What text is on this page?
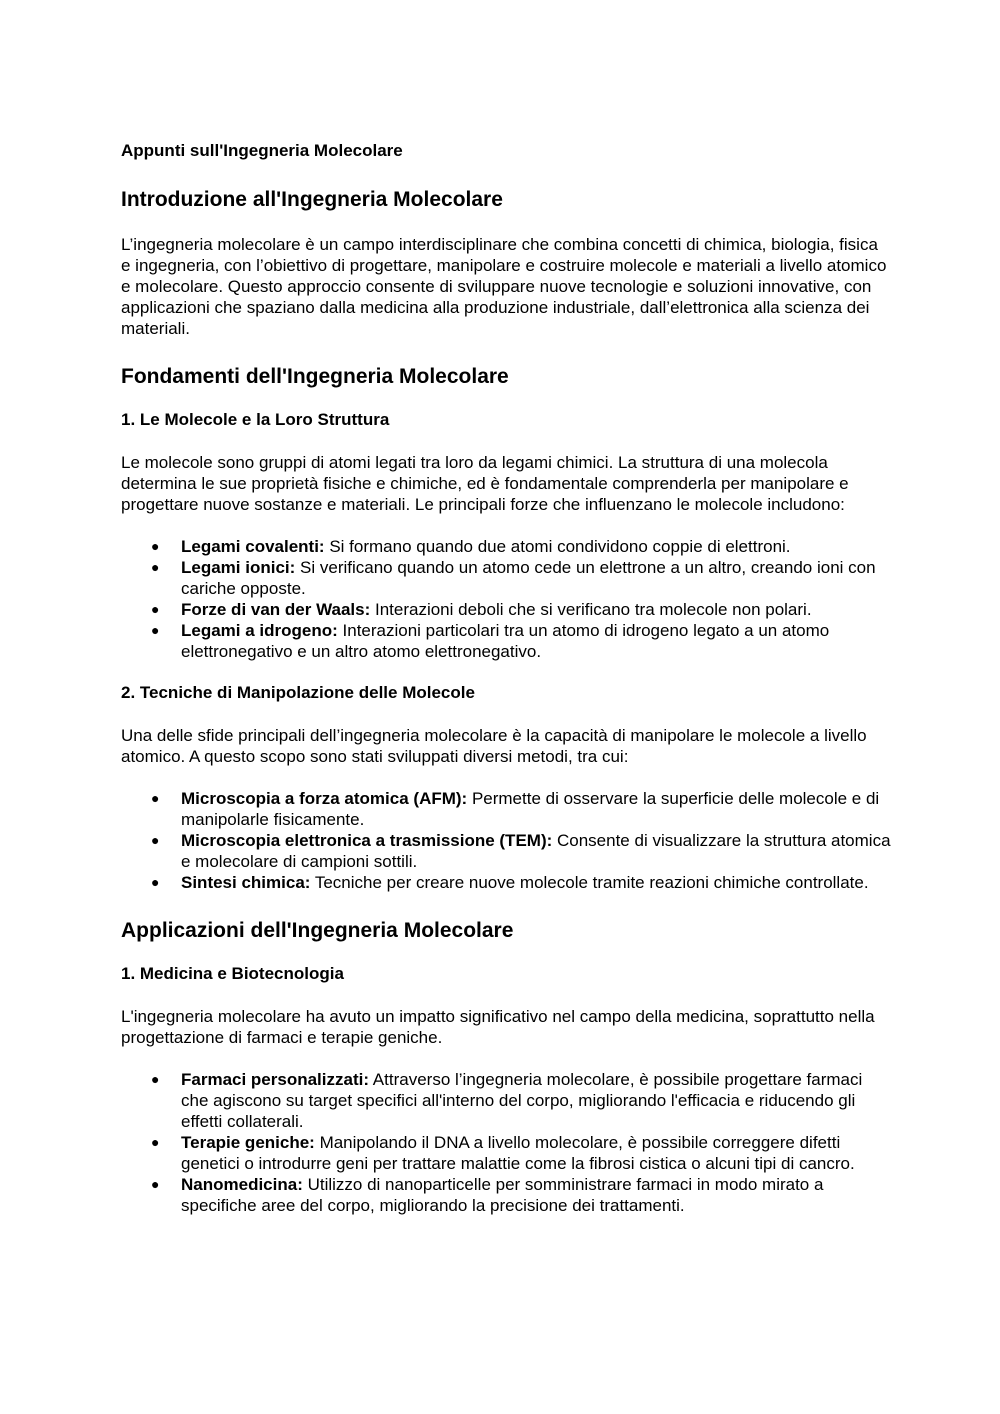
Appunti sull'Ingegneria Molecolare
Introduzione all'Ingegneria Molecolare

L’ingegneria molecolare è un campo interdisciplinare che combina concetti di chimica, biologia, fisica e ingegneria, con l’obiettivo di progettare, manipolare e costruire molecole e materiali a livello atomico e molecolare. Questo approccio consente di sviluppare nuove tecnologie e soluzioni innovative, con applicazioni che spaziano dalla medicina alla produzione industriale, dall’elettronica alla scienza dei materiali.

Fondamenti dell'Ingegneria Molecolare
1. Le Molecole e la Loro Struttura

Le molecole sono gruppi di atomi legati tra loro da legami chimici. La struttura di una molecola determina le sue proprietà fisiche e chimiche, ed è fondamentale comprenderla per manipolare e progettare nuove sostanze e materiali. Le principali forze che influenzano le molecole includono:

● Legami covalenti: Si formano quando due atomi condividono coppie di elettroni.
● Legami ionici: Si verificano quando un atomo cede un elettrone a un altro, creando ioni con cariche opposte.
● Forze di van der Waals: Interazioni deboli che si verificano tra molecole non polari.
● Legami a idrogeno: Interazioni particolari tra un atomo di idrogeno legato a un atomo elettronegativo e un altro atomo elettronegativo.
2. Tecniche di Manipolazione delle Molecole

Una delle sfide principali dell’ingegneria molecolare è la capacità di manipolare le molecole a livello atomico. A questo scopo sono stati sviluppati diversi metodi, tra cui:

● Microscopia a forza atomica (AFM): Permette di osservare la superficie delle molecole e di manipolarle fisicamente.
● Microscopia elettronica a trasmissione (TEM): Consente di visualizzare la struttura atomica e molecolare di campioni sottili.
● Sintesi chimica: Tecniche per creare nuove molecole tramite reazioni chimiche controllate.
Applicazioni dell'Ingegneria Molecolare
1. Medicina e Biotecnologia

L'ingegneria molecolare ha avuto un impatto significativo nel campo della medicina, soprattutto nella progettazione di farmaci e terapie geniche.

● Farmaci personalizzati: Attraverso l’ingegneria molecolare, è possibile progettare farmaci che agiscono su target specifici all'interno del corpo, migliorando l'efficacia e riducendo gli effetti collaterali.
● Terapie geniche: Manipolando il DNA a livello molecolare, è possibile correggere difetti genetici o introdurre geni per trattare malattie come la fibrosi cistica o alcuni tipi di cancro.
● Nanomedicina: Utilizzo di nanoparticelle per somministrare farmaci in modo mirato a specifiche aree del corpo, migliorando la precisione dei trattamenti.
